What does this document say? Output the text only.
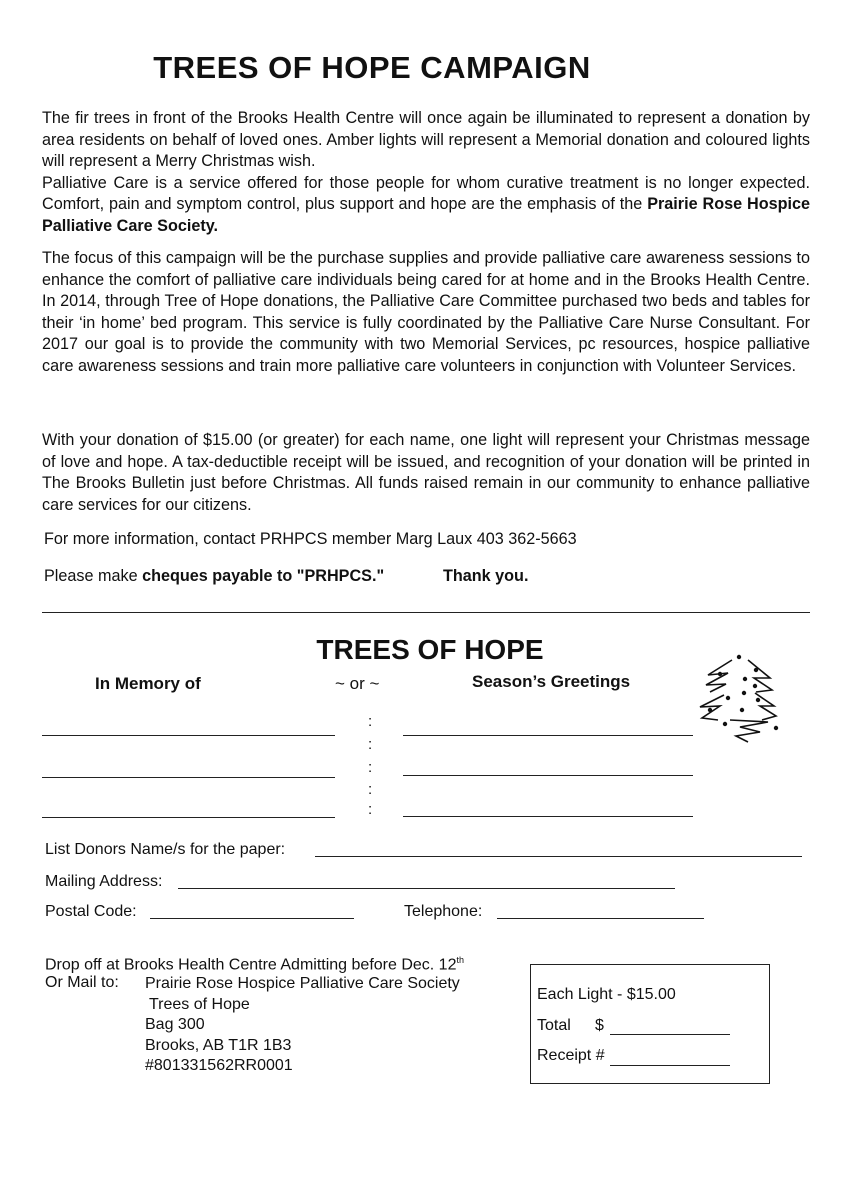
TREES OF HOPE CAMPAIGN
The fir trees in front of the Brooks Health Centre will once again be illuminated to represent a donation by area residents on behalf of loved ones. Amber lights will represent a Memorial donation and coloured lights will represent a Merry Christmas wish.
Palliative Care is a service offered for those people for whom curative treatment is no longer expected. Comfort, pain and symptom control, plus support and hope are the emphasis of the Prairie Rose Hospice Palliative Care Society.
The focus of this campaign will be the purchase supplies and provide palliative care awareness sessions to enhance the comfort of palliative care individuals being cared for at home and in the Brooks Health Centre. In 2014, through Tree of Hope donations, the Palliative Care Committee purchased two beds and tables for their ‘in home’ bed program. This service is fully coordinated by the Palliative Care Nurse Consultant. For 2017 our goal is to provide the community with two Memorial Services, pc resources, hospice palliative care awareness sessions and train more palliative care volunteers in conjunction with Volunteer Services.
With your donation of $15.00 (or greater) for each name, one light will represent your Christmas message of love and hope. A tax-deductible receipt will be issued, and recognition of your donation will be printed in The Brooks Bulletin just before Christmas. All funds raised remain in our community to enhance palliative care services for our citizens.
For more information, contact PRHPCS member Marg Laux 403 362-5663
Please make cheques payable to "PRHPCS."	Thank you.
TREES OF HOPE
In Memory of	~ or ~	Season’s Greetings
:
:
:
:
:
List Donors Name/s for the paper:
Mailing Address:
Postal Code:	Telephone:
Drop off at Brooks Health Centre Admitting before Dec. 12th
Or Mail to: Prairie Rose Hospice Palliative Care Society
Trees of Hope
Bag 300
Brooks, AB T1R 1B3
#801331562RR0001
Each Light - $15.00
Total $
Receipt #
